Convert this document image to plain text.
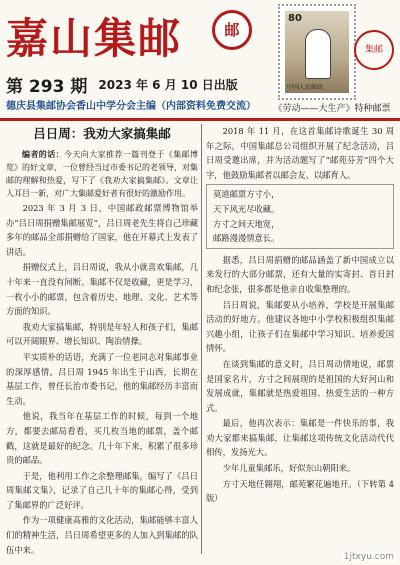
嘉山集邮	邮
第 293 期 2023 年 6 月 10 日出版
德庆县集邮协会香山中学分会主编（内部资料免费交流）
80
中国人民邮政
集邮
《劳动——大生产》特种邮票
吕日周：我劝大家搞集邮

编者的话：今天向大家推荐一篇刊登于《集邮博览》的好文章，一位曾经当过市委书记的老领导，对集邮的理解和热爱，写下了《我劝大家搞集邮》。文章让人耳目一新，对广大集邮爱好者有很好的激励作用。

2023 年 3 月 3 日，中国邮政邮票博物馆举办“吕日周捐赠集邮展览”，吕日周老先生将自己珍藏多年的邮品全部捐赠给了国家，他在开幕式上发表了讲话。

捐赠仪式上，吕日周说，我从小就喜欢集邮，几十年来一直没有间断。集邮不仅是收藏，更是学习，一枚小小的邮票，包含着历史、地理、文化、艺术等方面的知识。

我劝大家搞集邮，特别是年轻人和孩子们，集邮可以开阔眼界、增长知识、陶冶情操。

平实质朴的话语，充满了一位老同志对集邮事业的深厚感情。吕日周 1945 年出生于山西，长期在基层工作，曾任长治市委书记，他的集邮经历丰富而生动。

他说，我当年在基层工作的时候，每到一个地方，都要去邮局看看，买几枚当地的邮票，盖个邮戳，这就是最好的纪念。几十年下来，积累了很多珍贵的邮品。

于是，他利用工作之余整理邮集，编写了《吕日周集邮文集》，记录了自己几十年的集邮心得，受到了集邮界的广泛好评。

作为一项健康高雅的文化活动，集邮能够丰富人们的精神生活，吕日周希望更多的人加入到集邮的队伍中来。

2018 年 11 月，在这首集邮诗歌诞生 30 周年之际，中国集邮总公司组织开展了纪念活动，吕日周受邀出席，并为活动题写了“邮苑芬芳”四个大字，他鼓励集邮者以邮会友、以邮育人。

莫道邮票方寸小，
天下风光尽收藏。
方寸之间天地宽，
邮路漫漫情意长。

据悉，吕日周捐赠的邮品涵盖了新中国成立以来发行的大部分邮票，还有大量的实寄封、首日封和纪念张，很多都是他亲自收集整理的。

吕日周说，集邮要从小培养，学校是开展集邮活动的好地方。他建议各地中小学校积极组织集邮兴趣小组，让孩子们在集邮中学习知识、培养爱国情怀。

在谈到集邮的意义时，吕日周动情地说，邮票是国家名片，方寸之间展现的是祖国的大好河山和发展成就，集邮就是热爱祖国、热爱生活的一种方式。

最后，他再次表示：集邮是一件快乐的事，我劝大家都来搞集邮，让集邮这项传统文化活动代代相传，发扬光大。

少年儿童集邮乐，好似东山朝阳来。

方寸天地任翱翔，邮苑繁花遍地开。（下转第 4 版）

1jtxyu.com
